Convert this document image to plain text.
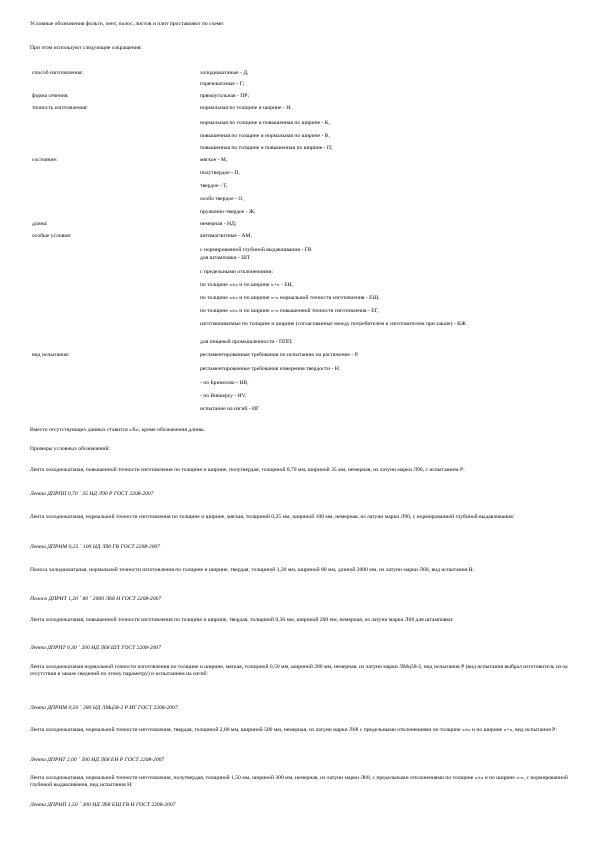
Условные обозначения фольги, лент, полос, листов и плит проставляют по схеме:
При этом используют следующие сокращения:
способ изготовления:	холоднокатаные - Д,
горячекатаные - Г;
форма сечения:	прямоугольная - ПР;
точность изготовления:	нормальная по толщине и ширине - Н,
нормальная по толщине и повышенная по ширине - К,
повышенная по толщине и нормальная по ширине - В,
повышенная по толщине и повышенная по ширине - П;
состояние:	мягкое - М,
полутвердое - П,
твердое - Т,
особо твердое - О,
пружинно-твердое - Ж;
длина:	немерная - НД;
особые условия:	антимагнитные - АМ,
с нормированной глубиной выдавливания - ГВ
для штамповки - ШТ
с предельными отклонениями:
по толщине «±» и по ширине «+» - ЕН,
по толщине «±» и по ширине «-» нормальной точности изготовления - ЕШ,
по толщине «±» и по ширине «-» повышенной точности изготовления - ЕГ,
изготавливаемые по толщине и ширине (согласованные между потребителем и изготовителем при заказе) - КЖ
для пищевой промышленности - ППП;
вид испытания:	регламентированные требования по испытанию на растяжение - Р,
регламентированные требования измерения твердости - Н:
- по Бринеллю - НВ,
- по Виккерсу - НV,
испытание на изгиб - ИГ
Вместо отсутствующих данных ставится «Х», кроме обозначения длины.
Примеры условных обозначений:
Лента холоднокатаная, повышенной точности изготовления по толщине и ширине, полутвердая, толщиной 0,70 мм, шириной 35 мм, немерная, из латуни марки Л90, с испытанием Р:
Лента ДПРПП 0,70 ´ 35 НД Л90 Р ГОСТ 2208-2007
Лента холоднокатаная, нормальной точности изготовления по толщине и ширине, мягкая, толщиной 0,25 мм, шириной 100 мм, немерная, из латуни марки Л90, с нормированной глубиной выдавливания:
Лента ДПРНМ 0,25 ´ 100 НД Л90 ГВ ГОСТ 2208-2007
Полоса холоднокатаная, нормальной точности изготовления по толщине и ширине, твердая, толщиной 1,20 мм, шириной 80 мм, длиной 2000 мм, из латуни марки Л68, вид испытания Н:
Полоса ДПРНТ 1,20 ´ 80 ´ 2000 Л68 Н ГОСТ 2208-2007
Лента холоднокатаная, повышенной точности изготовления по толщине и ширине, твердая, толщиной 0,30 мм, шириной 200 мм, немерная, из латуни марки Л68 для штамповки:
Лента ДПРПТ 0,30 ´ 200 НД Л68 ШТ ГОСТ 2208-2007
Лента холоднокатаная нормальной точности изготовления по толщине и ширине, мягкая, толщиной 0,50 мм, шириной 280 мм, немерная, из латуни марки ЛМц58-2, вид испытания Р (вид испытания выбрал изготовитель из-за отсутствия в заказе сведений по этому параметру) и испытанием на изгиб:
Лента ДПРНМ 0,50 ´ 280 НД ЛМц58-2 Р ИГ ГОСТ 2208-2007
Лента холоднокатаная, нормальной точности изготовления, твердая, толщиной 2,00 мм, шириной 500 мм, немерная, из латуни марки Л68 с предельными отклонениями по толщине «±» и по ширине «+», вид испытания Р:
Лента ДПРНТ 2,00 ´ 500 НД Л68 ЕН Р ГОСТ 2208-2007
Лента холоднокатаная, нормальной точности изготовления, полутвердая, толщиной 1,50 мм, шириной 300 мм, немерная, из латуни марки Л68, с предельными отклонениями по толщине «±» и по ширине «-», с нормированной глубиной выдавливания, вид испытания Н:
Лента ДПРНП 1,50 ´ 300 НД Л68 ЕШ ГВ Н ГОСТ 2208-2007
